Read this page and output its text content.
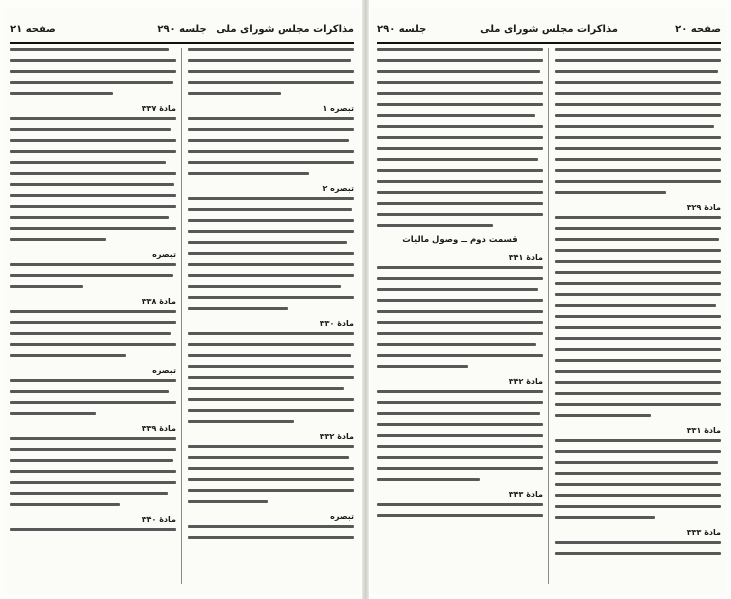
صفحه ۲۱	جلسه ۲۹۰ مذاکرات مجلس شورای ملی
مادهٔ ۳۳۷
تبصره
مادهٔ ۳۳۸
تبصره
مادهٔ ۳۳۹
مادهٔ ۳۴۰
تبصره ۱
تبصره ۲
مادهٔ ۳۳۰
مادهٔ ۳۳۲
تبصره
جلسه ۲۹۰	مذاکرات مجلس شورای ملی	صفحه ۲۰
قسمت دوم ــ وصول مالیات
مادهٔ ۳۴۱
مادهٔ ۳۴۲
مادهٔ ۳۴۳
مادهٔ ۳۲۹
مادهٔ ۳۳۱
مادهٔ ۳۳۳
